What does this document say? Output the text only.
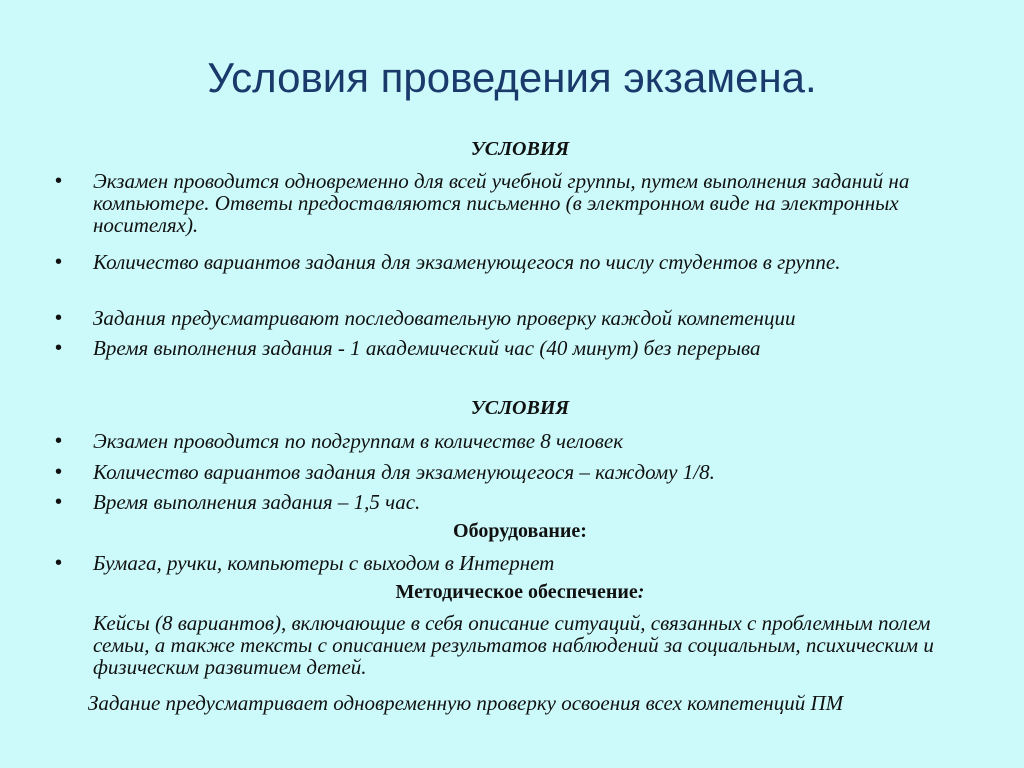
Условия проведения экзамена.
УСЛОВИЯ
• Экзамен проводится одновременно для всей учебной группы, путем выполнения заданий на компьютере. Ответы предоставляются письменно (в электронном виде на электронных носителях).
• Количество вариантов задания для экзаменующегося по числу студентов в группе.
• Задания предусматривают последовательную проверку каждой компетенции
• Время выполнения задания - 1 академический час (40 минут) без перерыва
УСЛОВИЯ
• Экзамен проводится по подгруппам в количестве 8 человек
• Количество вариантов задания для экзаменующегося – каждому 1/8.
• Время выполнения задания – 1,5 час.
Оборудование:
• Бумага, ручки, компьютеры с выходом в Интернет
Методическое обеспечение:
Кейсы (8 вариантов), включающие в себя описание ситуаций, связанных с проблемным полем семьи, а также тексты с описанием результатов наблюдений за социальным, психическим и физическим развитием детей.
Задание предусматривает одновременную проверку освоения всех компетенций ПМ
